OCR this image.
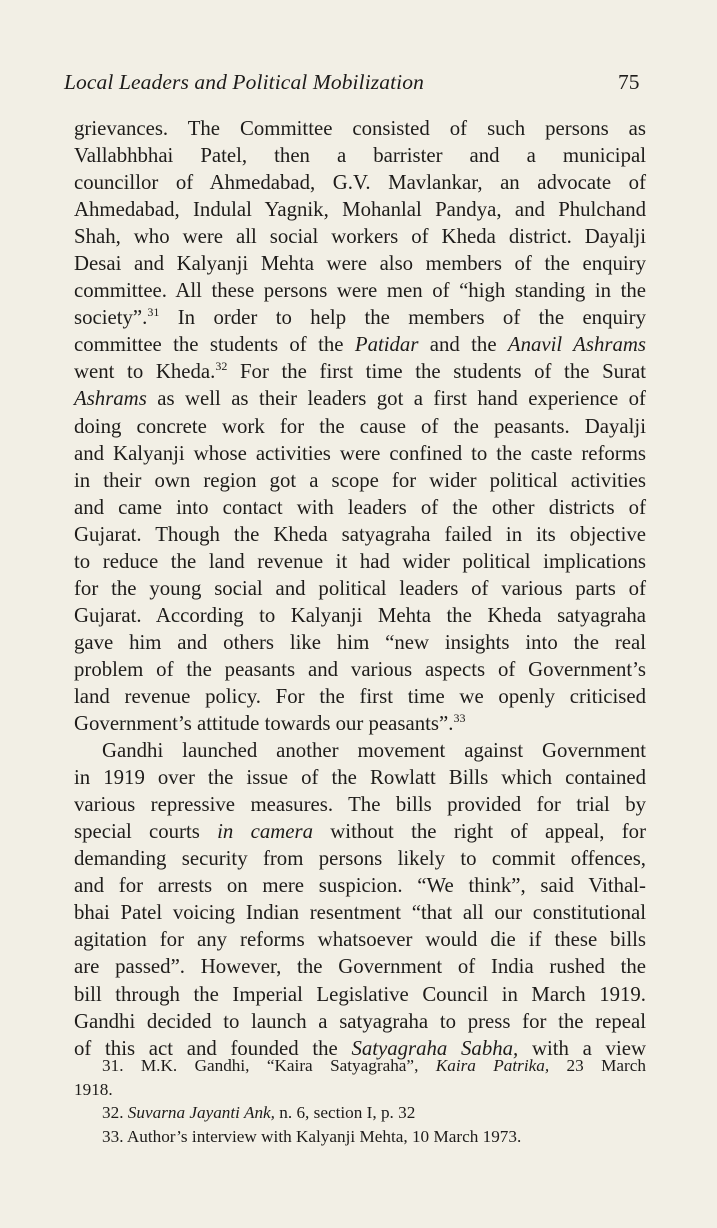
Local Leaders and Political Mobilization	75
grievances. The Committee consisted of such persons as
Vallabhbhai Patel, then a barrister and a municipal
councillor of Ahmedabad, G.V. Mavlankar, an advocate of
Ahmedabad, Indulal Yagnik, Mohanlal Pandya, and Phulchand
Shah, who were all social workers of Kheda district. Dayalji
Desai and Kalyanji Mehta were also members of the enquiry
committee. All these persons were men of “high standing in the
society”.$^{31}$ In order to help the members of the enquiry
committee the students of the Patidar and the Anavil Ashrams
went to Kheda.$^{32}$ For the first time the students of the Surat
Ashrams as well as their leaders got a first hand experience of
doing concrete work for the cause of the peasants. Dayalji
and Kalyanji whose activities were confined to the caste reforms
in their own region got a scope for wider political activities
and came into contact with leaders of the other districts of
Gujarat. Though the Kheda satyagraha failed in its objective
to reduce the land revenue it had wider political implications
for the young social and political leaders of various parts of
Gujarat. According to Kalyanji Mehta the Kheda satyagraha
gave him and others like him “new insights into the real
problem of the peasants and various aspects of Government’s
land revenue policy. For the first time we openly criticised
Government’s attitude towards our peasants”.$^{33}$
Gandhi launched another movement against Government
in 1919 over the issue of the Rowlatt Bills which contained
various repressive measures. The bills provided for trial by
special courts in camera without the right of appeal, for
demanding security from persons likely to commit offences,
and for arrests on mere suspicion. “We think”, said Vithal-
bhai Patel voicing Indian resentment “that all our constitutional
agitation for any reforms whatsoever would die if these bills
are passed”. However, the Government of India rushed the
bill through the Imperial Legislative Council in March 1919.
Gandhi decided to launch a satyagraha to press for the repeal
of this act and founded the Satyagraha Sabha, with a view
31. M.K. Gandhi, “Kaira Satyagraha”, Kaira Patrika, 23 March
1918.
32. Suvarna Jayanti Ank, n. 6, section I, p. 32
33. Author’s interview with Kalyanji Mehta, 10 March 1973.
